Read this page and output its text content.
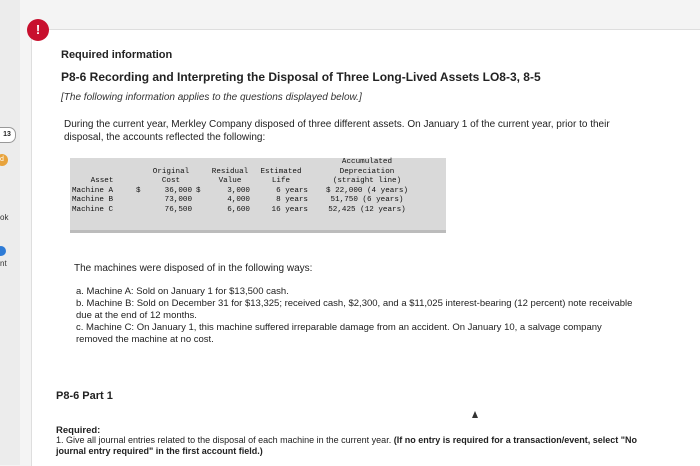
13
d
ok
nt
!
Required information
P8-6 Recording and Interpreting the Disposal of Three Long-Lived Assets LO8-3, 8-5
[The following information applies to the questions displayed below.]
During the current year, Merkley Company disposed of three different assets. On January 1 of the current year, prior to their disposal, the accounts reflected the following:
						Accumulated
		Original		Residual	Estimated	Depreciation
Asset		Cost		Value	Life	(straight line)
Machine A	$	36,000	$	3,000	6 years	$ 22,000 (4 years)
Machine B		73,000		4,000	8 years	51,750 (6 years)
Machine C		76,500		6,600	16 years	52,425 (12 years)
The machines were disposed of in the following ways:
a. Machine A: Sold on January 1 for $13,500 cash.
b. Machine B: Sold on December 31 for $13,325; received cash, $2,300, and a $11,025 interest-bearing (12 percent) note receivable due at the end of 12 months.
c. Machine C: On January 1, this machine suffered irreparable damage from an accident. On January 10, a salvage company removed the machine at no cost.
P8-6 Part 1
Required:
1. Give all journal entries related to the disposal of each machine in the current year. (If no entry is required for a transaction/event, select "No journal entry required" in the first account field.)
